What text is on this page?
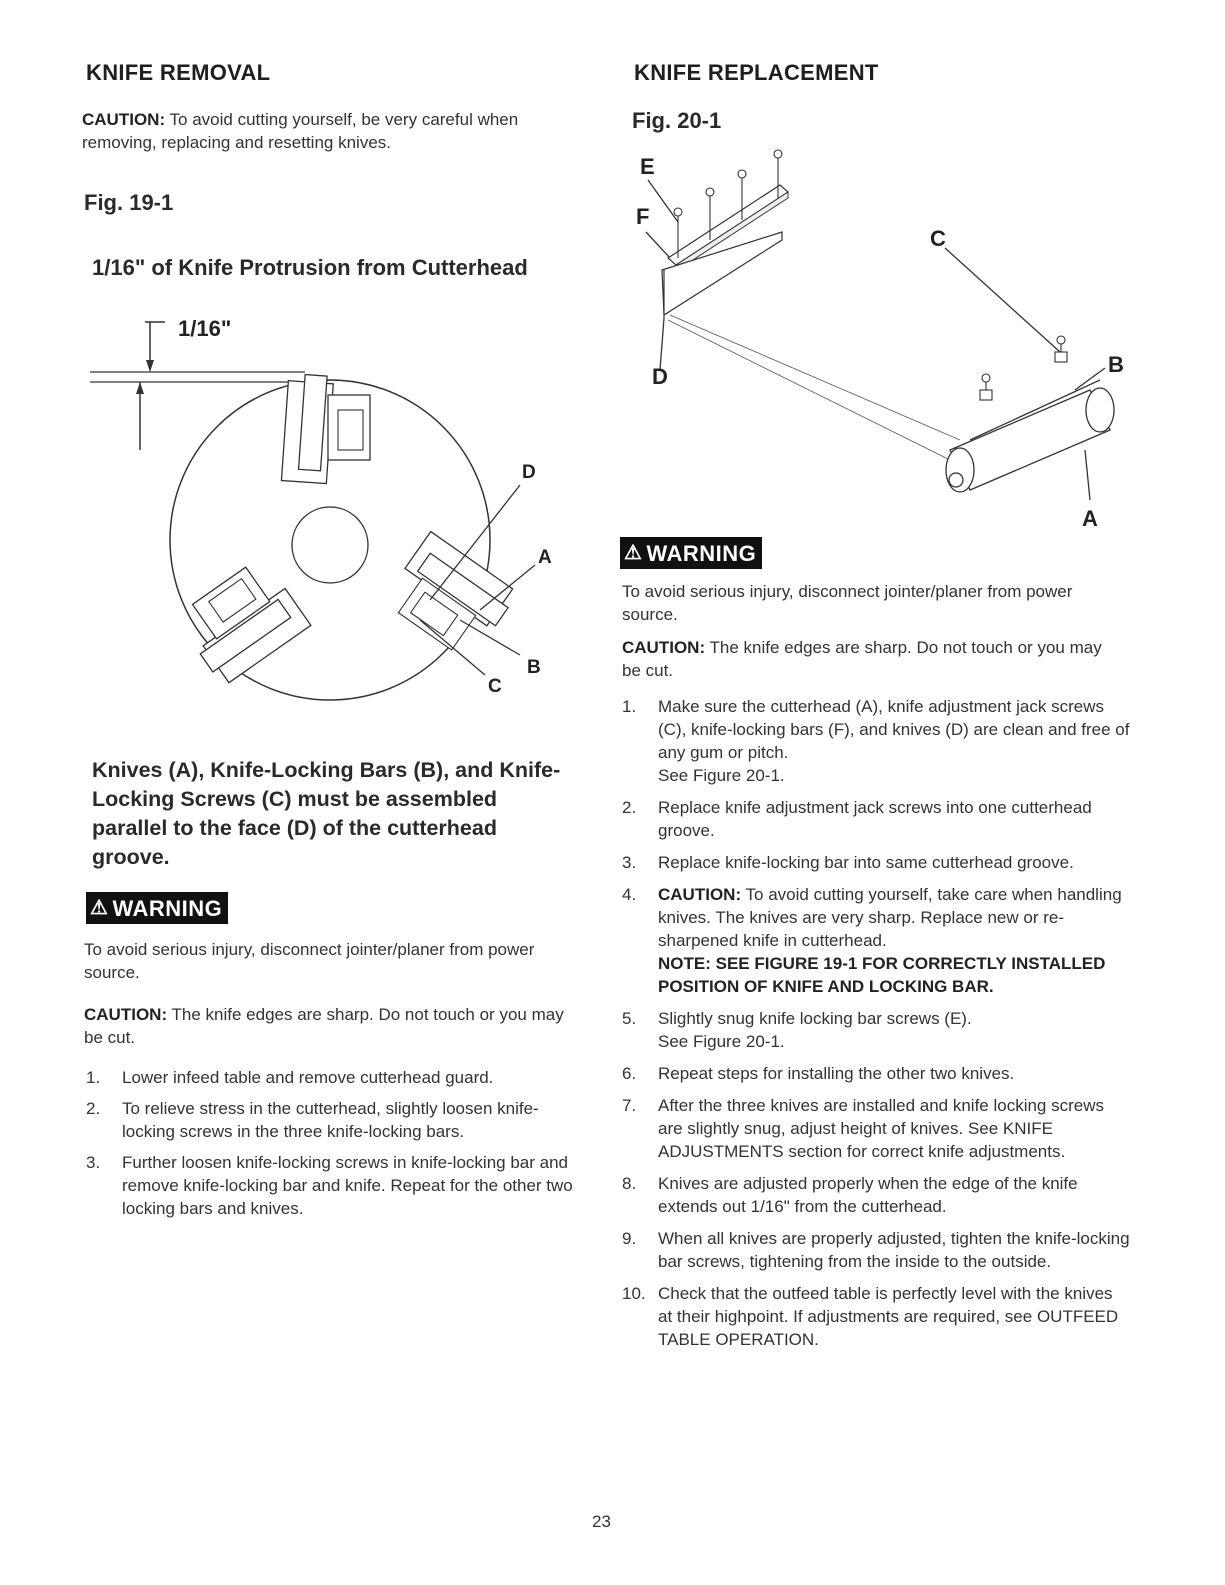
KNIFE REMOVAL
CAUTION: To avoid cutting yourself, be very careful when removing, replacing and resetting knives.
Fig. 19-1
1/16" of Knife Protrusion from Cutterhead
1/16"
D
A
C
B
Knives (A), Knife-Locking Bars (B), and Knife-Locking Screws (C) must be assembled parallel to the face (D) of the cutterhead groove.
⚠ WARNING
To avoid serious injury, disconnect jointer/planer from power source.
CAUTION: The knife edges are sharp. Do not touch or you may be cut.
1.	Lower infeed table and remove cutterhead guard.
2.	To relieve stress in the cutterhead, slightly loosen knife-locking screws in the three knife-locking bars.
3.	Further loosen knife-locking screws in knife-locking bar and remove knife-locking bar and knife. Repeat for the other two locking bars and knives.
KNIFE REPLACEMENT
Fig. 20-1
E
F
D
C
B
A
⚠ WARNING
To avoid serious injury, disconnect jointer/planer from power source.
CAUTION: The knife edges are sharp. Do not touch or you may be cut.
1.	Make sure the cutterhead (A), knife adjustment jack screws (C), knife-locking bars (F), and knives (D) are clean and free of any gum or pitch.
See Figure 20-1.
2.	Replace knife adjustment jack screws into one cutterhead groove.
3.	Replace knife-locking bar into same cutterhead groove.
4.	CAUTION: To avoid cutting yourself, take care when handling knives. The knives are very sharp. Replace new or re-sharpened knife in cutterhead.
NOTE: SEE FIGURE 19-1 FOR CORRECTLY INSTALLED POSITION OF KNIFE AND LOCKING BAR.
5.	Slightly snug knife locking bar screws (E).
See Figure 20-1.
6.	Repeat steps for installing the other two knives.
7.	After the three knives are installed and knife locking screws are slightly snug, adjust height of knives. See KNIFE ADJUSTMENTS section for correct knife adjustments.
8.	Knives are adjusted properly when the edge of the knife extends out 1/16" from the cutterhead.
9.	When all knives are properly adjusted, tighten the knife-locking bar screws, tightening from the inside to the outside.
10. Check that the outfeed table is perfectly level with the knives at their highpoint. If adjustments are required, see OUTFEED TABLE OPERATION.
23
